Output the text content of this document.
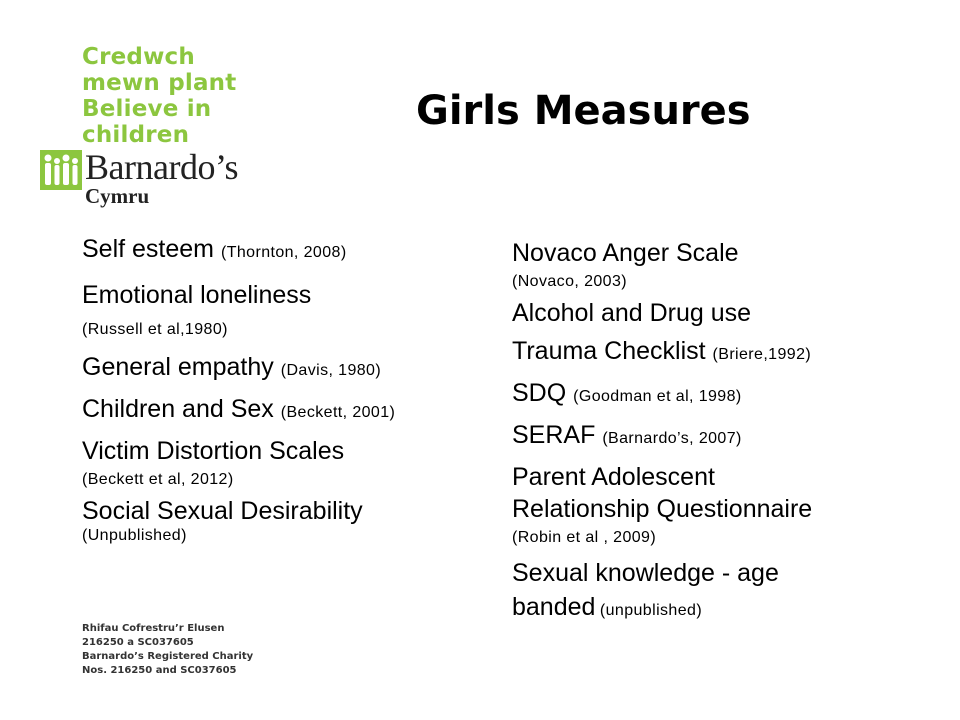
Credwch
mewn plant
Believe in
children
Barnardo’s
Cymru
Girls Measures
Self esteem (Thornton, 2008)
Emotional loneliness
(Russell et al,1980)
General empathy (Davis, 1980)
Children and Sex (Beckett, 2001)
Victim Distortion Scales
(Beckett et al, 2012)
Social Sexual Desirability
(Unpublished)
Novaco Anger Scale
(Novaco, 2003)
Alcohol and Drug use
Trauma Checklist (Briere,1992)
SDQ (Goodman et al, 1998)
SERAF (Barnardo’s, 2007)
Parent Adolescent
Relationship Questionnaire
(Robin et al , 2009)
Sexual knowledge - age
banded (unpublished)
Rhifau Cofrestru’r Elusen
216250 a SC037605
Barnardo’s Registered Charity
Nos. 216250 and SC037605
